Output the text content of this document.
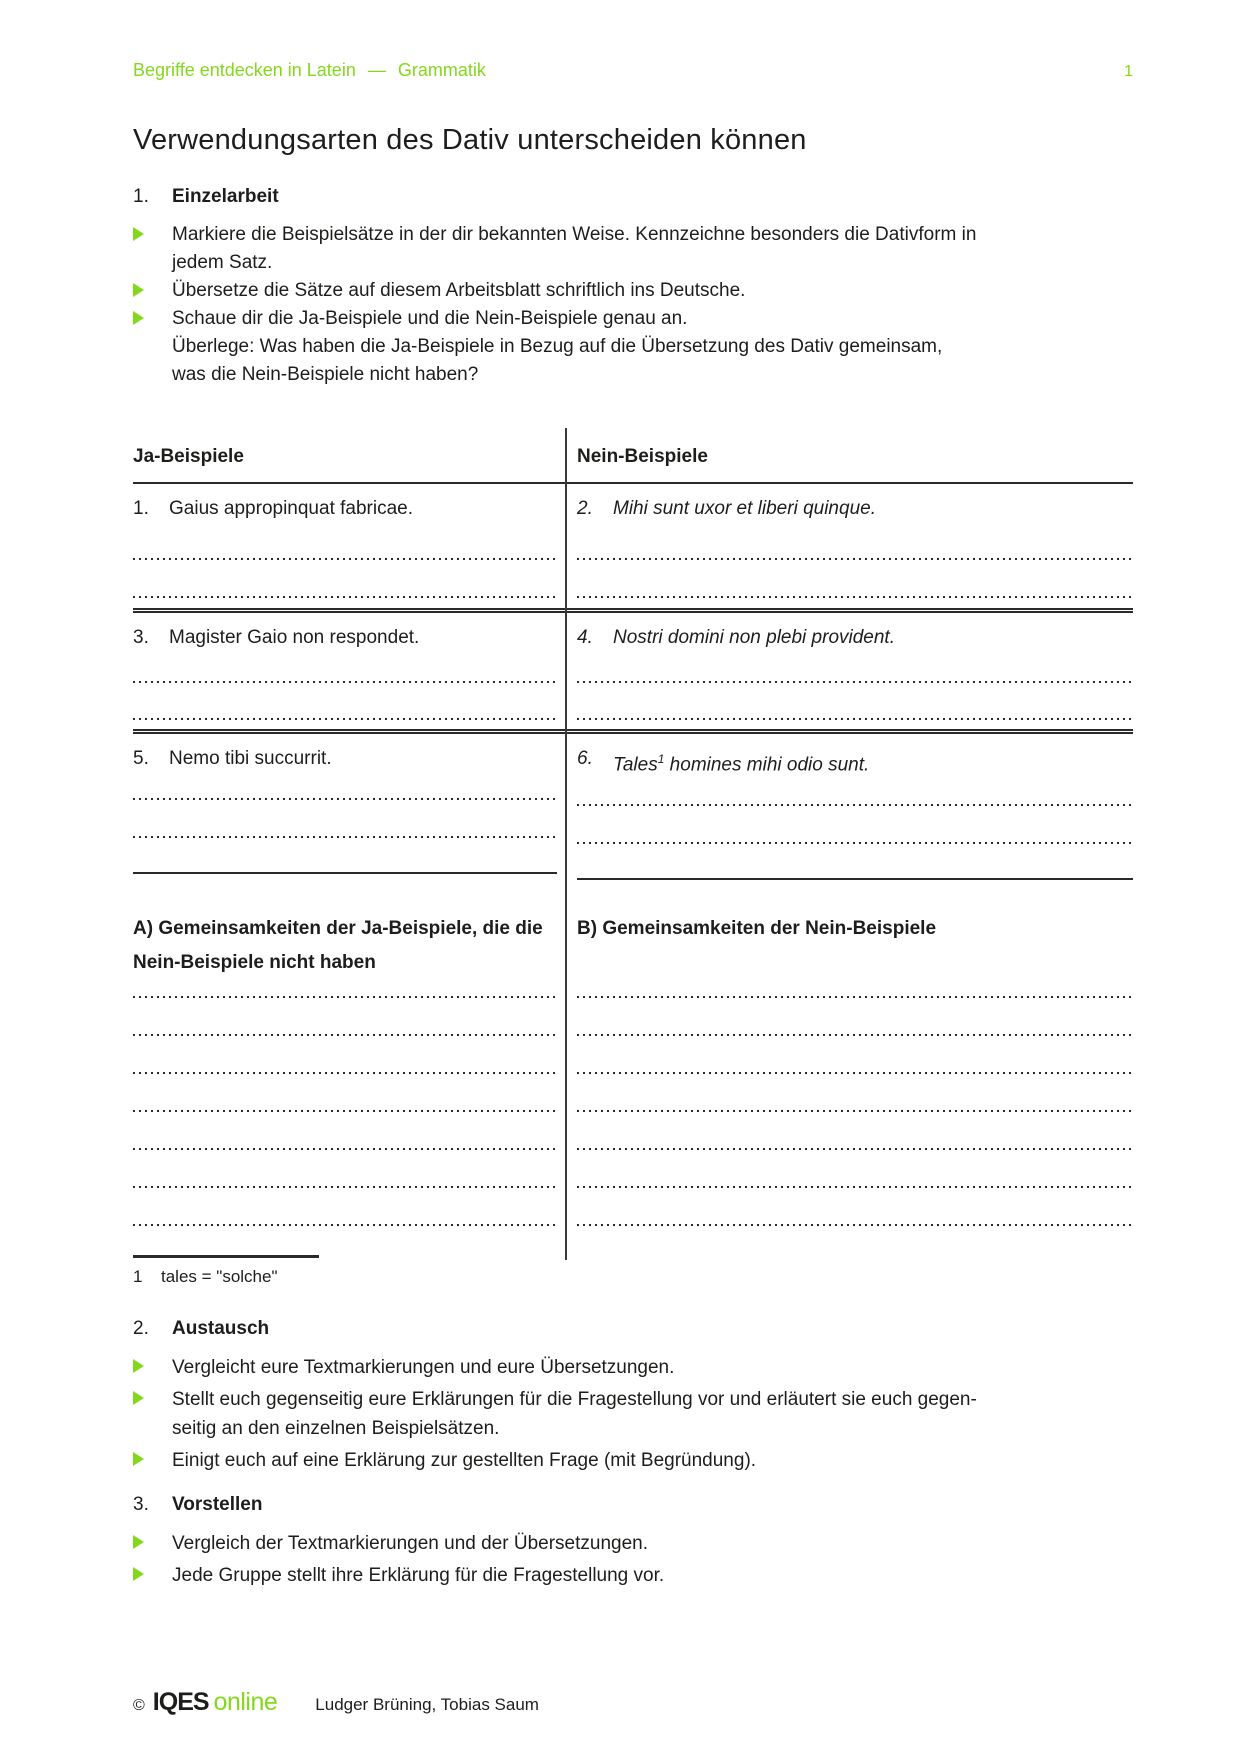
Begriffe entdecken in Latein — Grammatik	1
Verwendungsarten des Dativ unterscheiden können
1.	Einzelarbeit
Markiere die Beispielsätze in der dir bekannten Weise. Kennzeichne besonders die Dativform in
jedem Satz.
Übersetze die Sätze auf diesem Arbeitsblatt schriftlich ins Deutsche.
Schaue dir die Ja-Beispiele und die Nein-Beispiele genau an.
Überlege: Was haben die Ja-Beispiele in Bezug auf die Übersetzung des Dativ gemeinsam,
was die Nein-Beispiele nicht haben?
Ja-Beispiele	Nein-Beispiele
1.	Gaius appropinquat fabricae.	2.	Mihi sunt uxor et liberi quinque.
3.	Magister Gaio non respondet.	4.	Nostri domini non plebi provident.
5.	Nemo tibi succurrit.	6.	Tales$^1$ homines mihi odio sunt.
A) Gemeinsamkeiten der Ja-Beispiele, die die
Nein-Beispiele nicht haben
B) Gemeinsamkeiten der Nein-Beispiele
1	tales = "solche"
2.	Austausch
Vergleicht eure Textmarkierungen und eure Übersetzungen.
Stellt euch gegenseitig eure Erklärungen für die Fragestellung vor und erläutert sie euch gegen-
seitig an den einzelnen Beispielsätzen.
Einigt euch auf eine Erklärung zur gestellten Frage (mit Begründung).
3.	Vorstellen
Vergleich der Textmarkierungen und der Übersetzungen.
Jede Gruppe stellt ihre Erklärung für die Fragestellung vor.
© IQES online Ludger Brüning, Tobias Saum
